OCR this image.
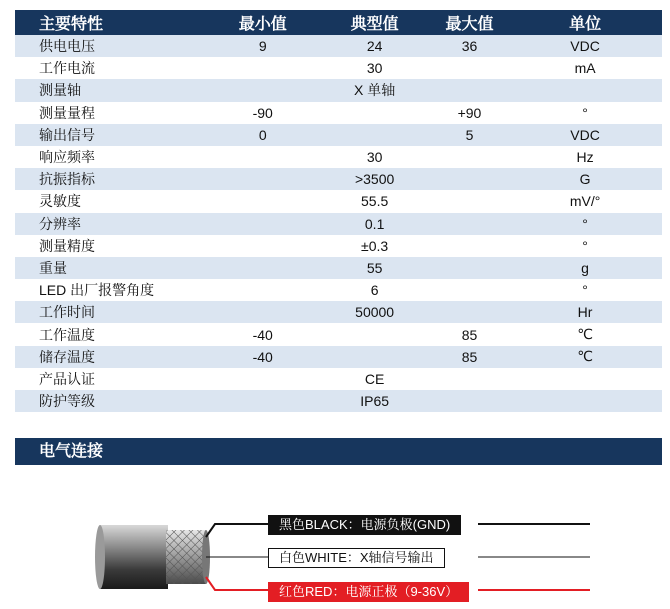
主要特性	最小值	典型值	最大值	单位
供电电压	9	24	36	VDC
工作电流		30		mA
测量轴		X 单轴		
测量量程	-90		+90	°
输出信号	0		5	VDC
响应频率		30		Hz
抗振指标		>3500		G
灵敏度		55.5		mV/°
分辨率		0.1		°
测量精度		±0.3		°
重量		55		g
LED 出厂报警角度		6		°
工作时间		50000		Hr
工作温度	-40		85	℃
储存温度	-40		85	℃
产品认证		CE		
防护等级		IP65		
电气连接
黑色BLACK：电源负极(GND)
白色WHITE：X轴信号输出
红色RED：电源正极（9-36V）
